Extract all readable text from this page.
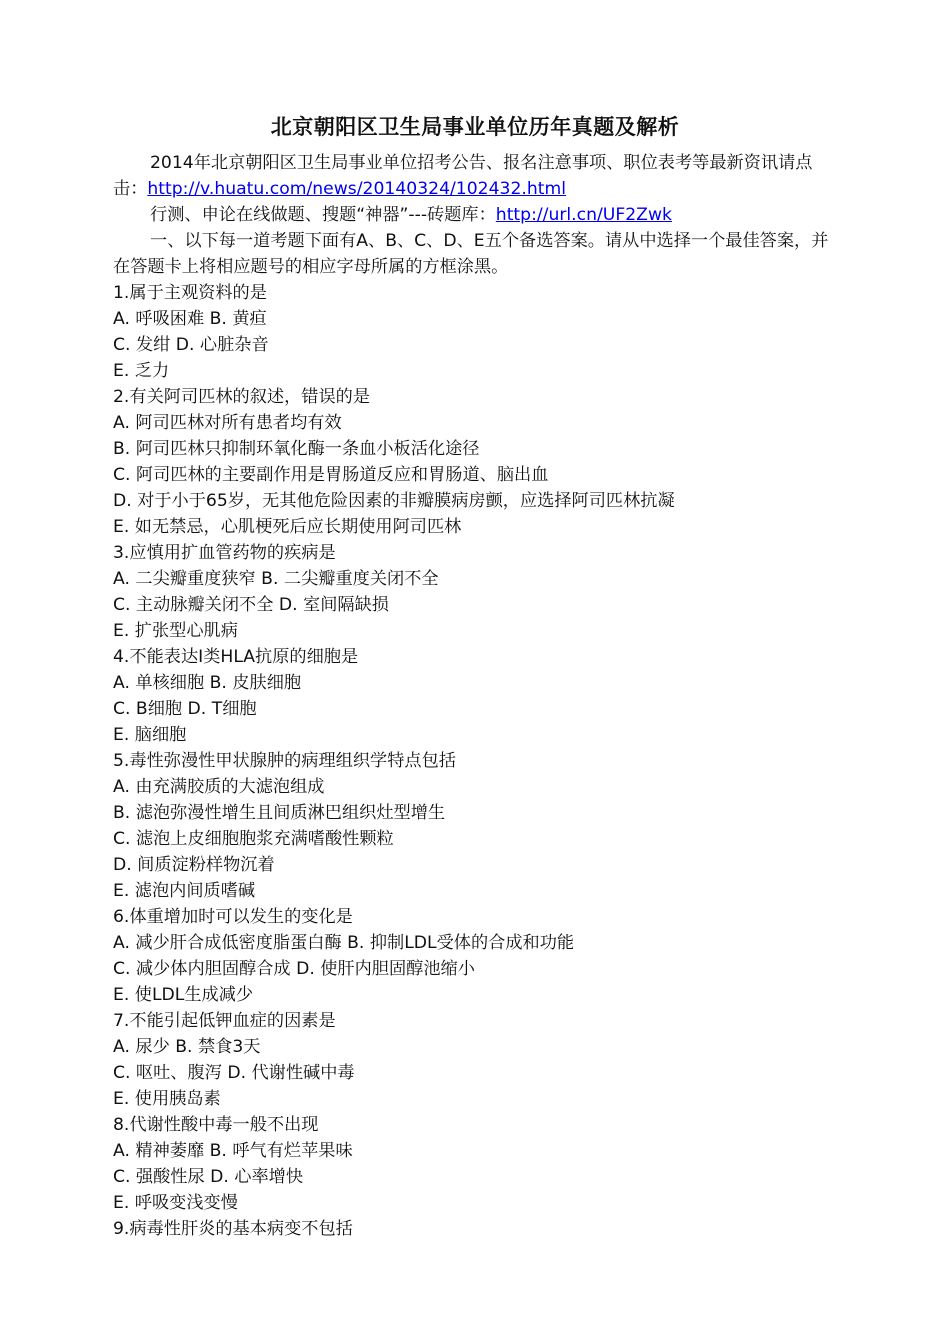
北京朝阳区卫生局事业单位历年真题及解析

2014年北京朝阳区卫生局事业单位招考公告、报名注意事项、职位表考等最新资讯请点击：http://v.huatu.com/news/20140324/102432.html

行测、申论在线做题、搜题“神器”---砖题库：http://url.cn/UF2Zwk

一、以下每一道考题下面有A、B、C、D、E五个备选答案。请从中选择一个最佳答案，并在答题卡上将相应题号的相应字母所属的方框涂黑。

1.属于主观资料的是

A. 呼吸困难 B. 黄疸

C. 发绀 D. 心脏杂音

E. 乏力

2.有关阿司匹林的叙述，错误的是

A. 阿司匹林对所有患者均有效

B. 阿司匹林只抑制环氧化酶一条血小板活化途径

C. 阿司匹林的主要副作用是胃肠道反应和胃肠道、脑出血

D. 对于小于65岁，无其他危险因素的非瓣膜病房颤，应选择阿司匹林抗凝

E. 如无禁忌，心肌梗死后应长期使用阿司匹林

3.应慎用扩血管药物的疾病是

A. 二尖瓣重度狭窄 B. 二尖瓣重度关闭不全

C. 主动脉瓣关闭不全 D. 室间隔缺损

E. 扩张型心肌病

4.不能表达Ⅰ类HLA抗原的细胞是

A. 单核细胞 B. 皮肤细胞

C. B细胞 D. T细胞

E. 脑细胞

5.毒性弥漫性甲状腺肿的病理组织学特点包括

A. 由充满胶质的大滤泡组成

B. 滤泡弥漫性增生且间质淋巴组织灶型增生

C. 滤泡上皮细胞胞浆充满嗜酸性颗粒

D. 间质淀粉样物沉着

E. 滤泡内间质嗜碱

6.体重增加时可以发生的变化是

A. 减少肝合成低密度脂蛋白酶 B. 抑制LDL受体的合成和功能

C. 减少体内胆固醇合成 D. 使肝内胆固醇池缩小

E. 使LDL生成减少

7.不能引起低钾血症的因素是

A. 尿少 B. 禁食3天

C. 呕吐、腹泻 D. 代谢性碱中毒

E. 使用胰岛素

8.代谢性酸中毒一般不出现

A. 精神萎靡 B. 呼气有烂苹果味

C. 强酸性尿 D. 心率增快

E. 呼吸变浅变慢

9.病毒性肝炎的基本病变不包括
